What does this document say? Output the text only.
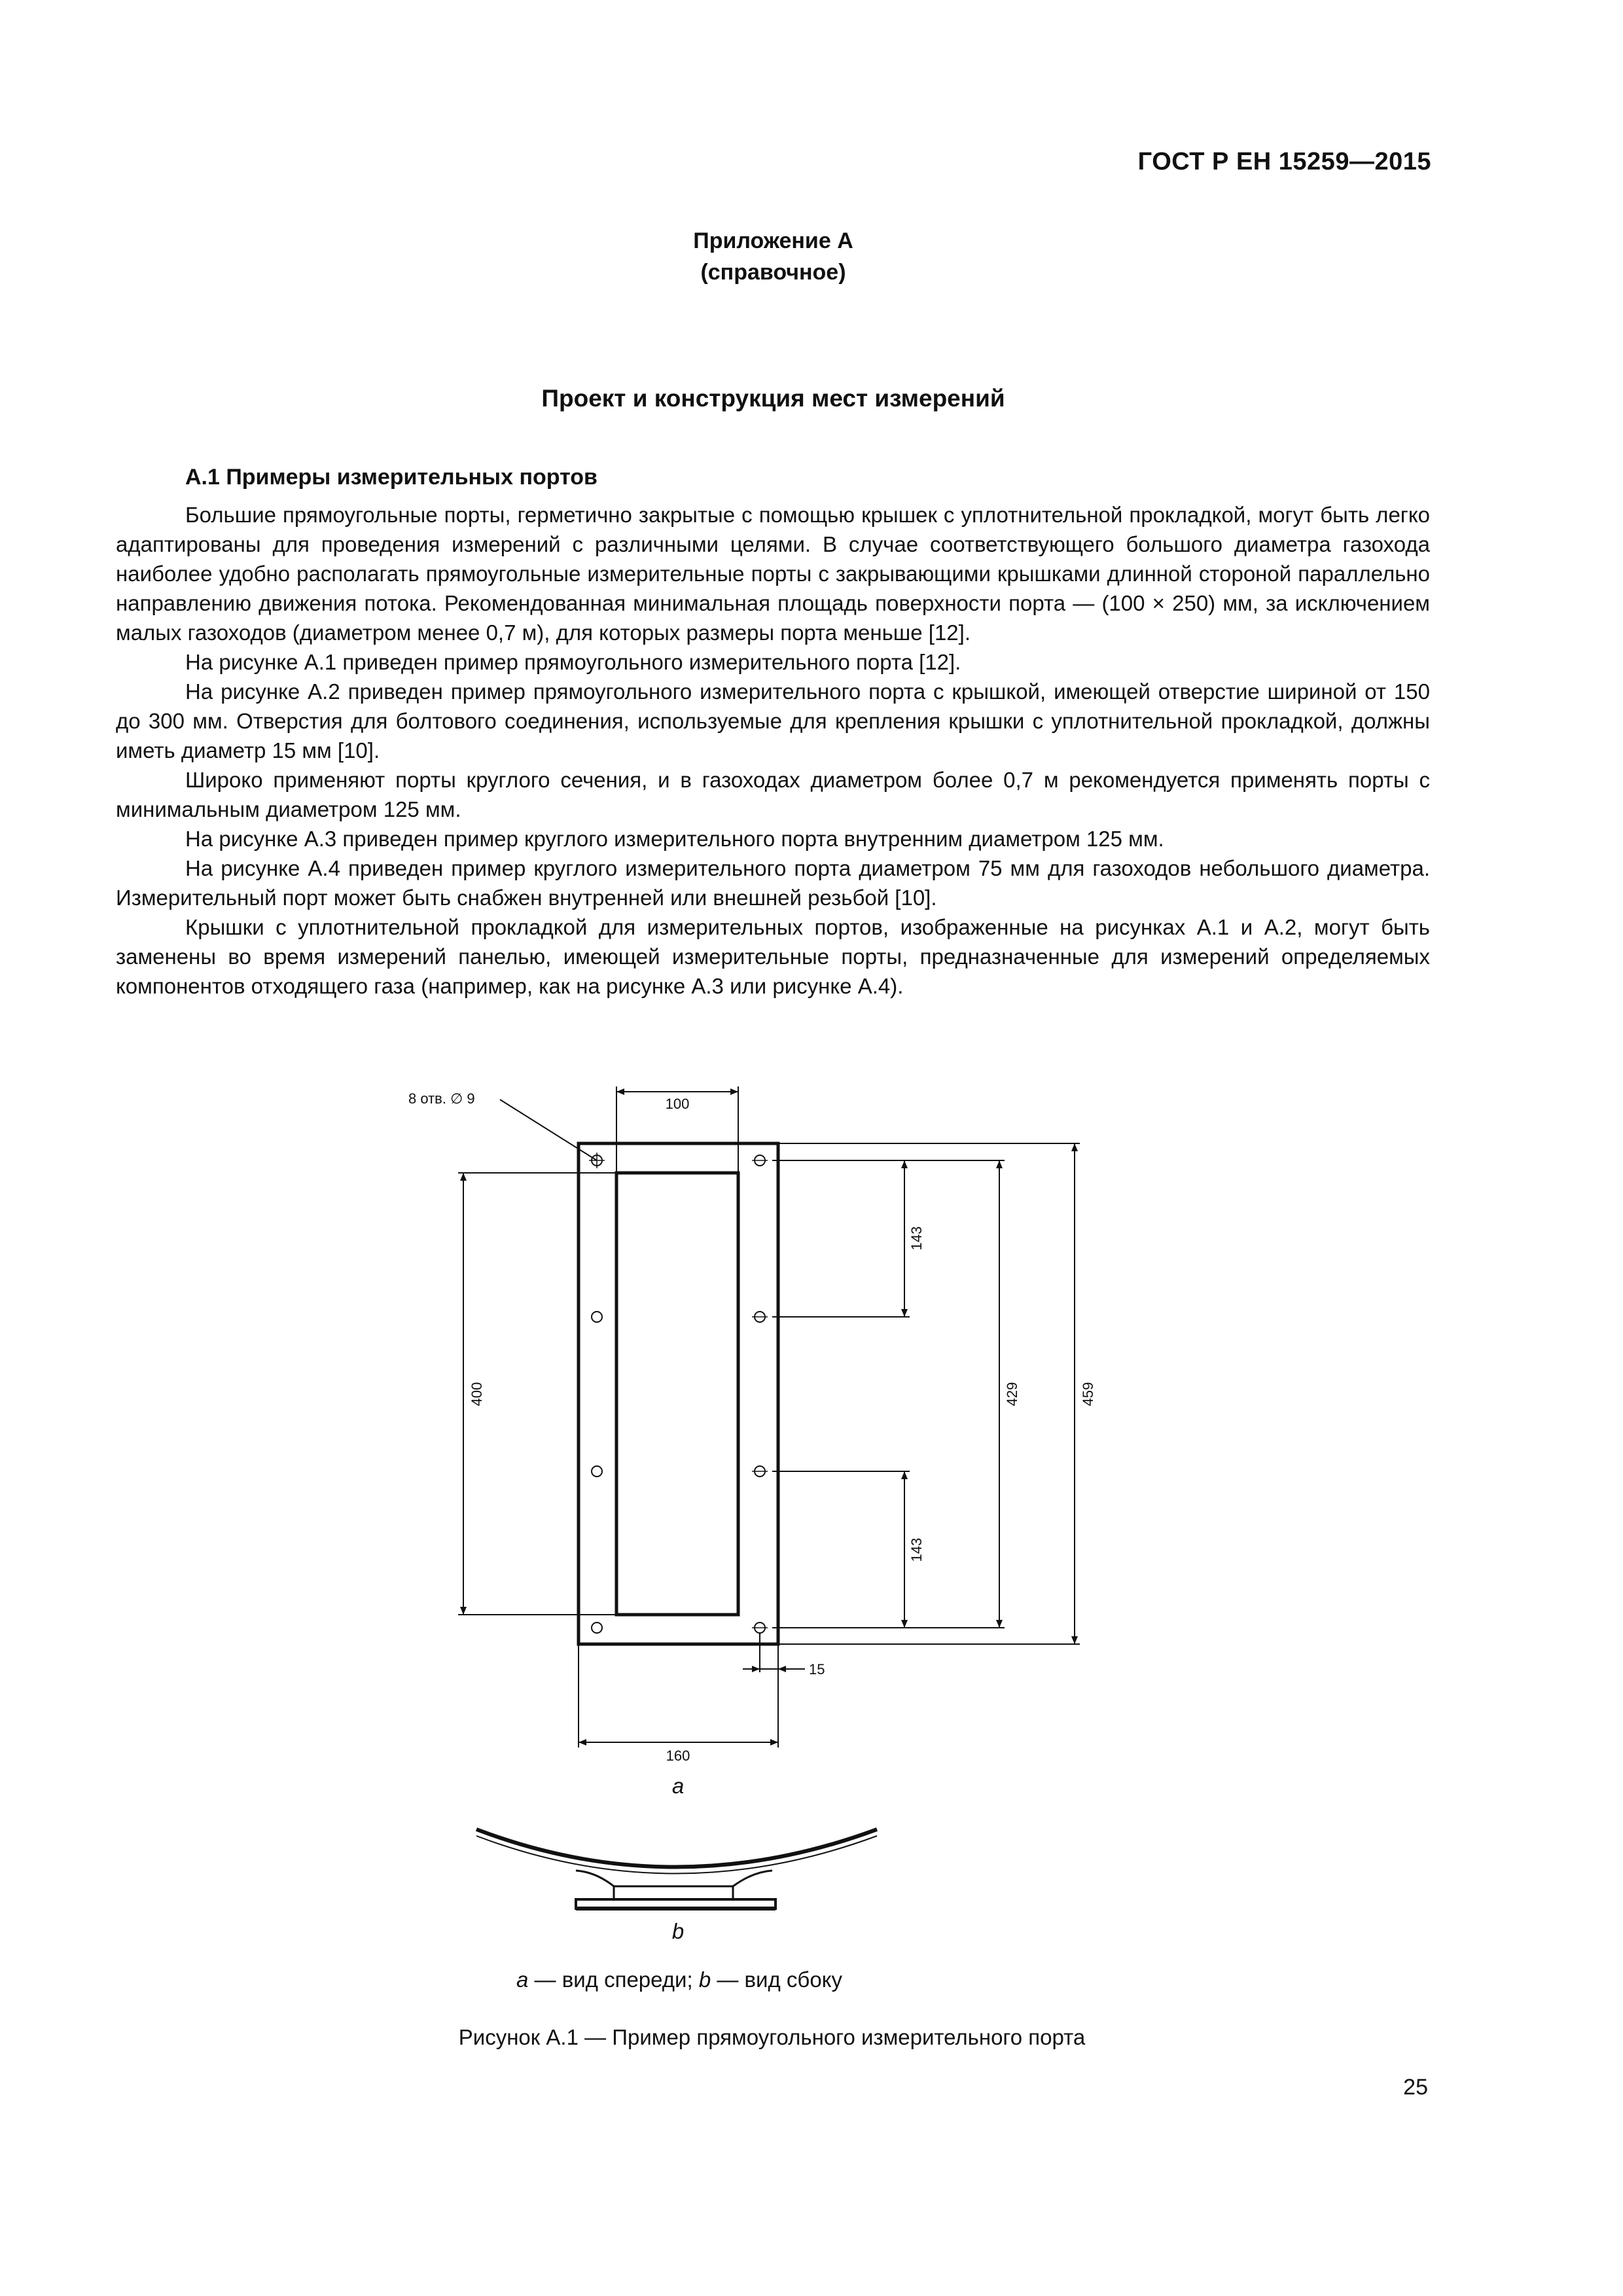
ГОСТ Р ЕН 15259—2015
Приложение А
(справочное)
Проект и конструкция мест измерений
А.1 Примеры измерительных портов

Большие прямоугольные порты, герметично закрытые с помощью крышек с уплотнительной прокладкой, могут быть легко адаптированы для проведения измерений с различными целями. В случае соответствующего большого диаметра газохода наиболее удобно располагать прямоугольные измерительные порты с закрывающими крышками длинной стороной параллельно направлению движения потока. Рекомендованная минимальная площадь поверхности порта — (100 × 250) мм, за исключением малых газоходов (диаметром менее 0,7 м), для которых размеры порта меньше [12].

На рисунке А.1 приведен пример прямоугольного измерительного порта [12].

На рисунке А.2 приведен пример прямоугольного измерительного порта с крышкой, имеющей отверстие шириной от 150 до 300 мм. Отверстия для болтового соединения, используемые для крепления крышки с уплотнительной прокладкой, должны иметь диаметр 15 мм [10].

Широко применяют порты круглого сечения, и в газоходах диаметром более 0,7 м рекомендуется применять порты с минимальным диаметром 125 мм.

На рисунке А.3 приведен пример круглого измерительного порта внутренним диаметром 125 мм.

На рисунке А.4 приведен пример круглого измерительного порта диаметром 75 мм для газоходов небольшого диаметра. Измерительный порт может быть снабжен внутренней или внешней резьбой [10].

Крышки с уплотнительной прокладкой для измерительных портов, изображенные на рисунках А.1 и А.2, могут быть заменены во время измерений панелью, имеющей измерительные порты, предназначенные для измерений определяемых компонентов отходящего газа (например, как на рисунке А.3 или рисунке А.4).

8 отв. ∅ 9	100
400
143
143
429	459
15
160
a
b
a — вид спереди; b — вид сбоку
Рисунок А.1 — Пример прямоугольного измерительного порта
25
